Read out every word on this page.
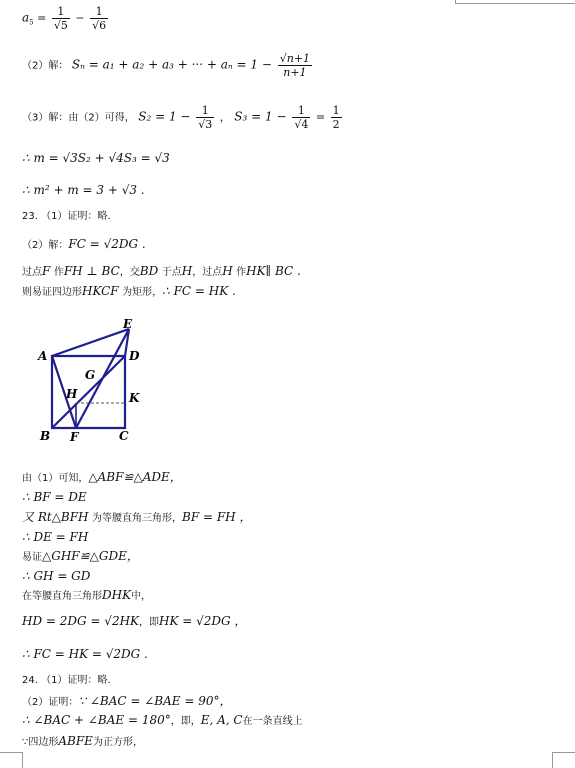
$a_5 = \frac{1}{√5} - \frac{1}{√6}$
（2）解： Sₙ = a₁ + a₂ + a₃ + ··· + $a_n = 1 - \frac{√n+1}{n+1}$
（3）解：由（2）可得， $S_2 = 1 - \frac{1}{√3}$ ， $S_3 = 1 - \frac{1}{√4} = \frac{1}{2}$
∴ m = √3S₂ + √4S₃ = √3
∴ m² + m = 3 + √3 .
23. （1）证明：略.
（2）解：FC = √2DG .
过点F 作FH ⊥ BC，交BD 于点H，过点H 作HK∥ BC .
则易证四边形HKCF 为矩形，∴ FC = HK .
A
E
D
G
H	K
B F	C
由（1）可知，△ABF≌△ADE，
∴ BF = DE
又 Rt△BFH 为等腰直角三角形，BF = FH ，
∴ DE = FH
易证△GHF≌△GDE，
∴ GH = GD
在等腰直角三角形DHK中，
HD = 2DG = √2HK，即HK = √2DG ，
∴ FC = HK = √2DG .
24. （1）证明：略.
（2）证明：∵ ∠BAC = ∠BAE = 90°，
∴ ∠BAC + ∠BAE = 180°，即，E, A, C在一条直线上
∵四边形ABFE为正方形，
